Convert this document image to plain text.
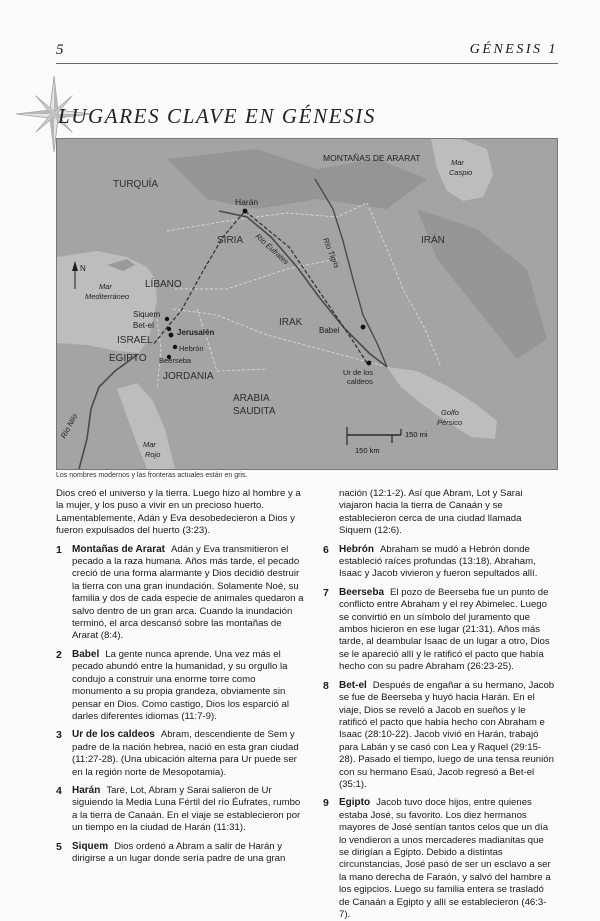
5	GÉNESIS 1
LUGARES CLAVE EN GÉNESIS
MONTAÑAS DE ARARAT	Mar
Caspio
TURQUÍA
Harán
Río Éufrates	Río Tigris	IRÁN
SIRIA
LÍBANO
Mar
Mediterráneo
Siquem
Bet-el
Jerusalén
ISRAEL
Hebrón
Beerseba
EGIPTO
JORDANIA
IRAK
Babel
Ur de los
caldeos
ARABIA
SAUDITA
Río Nilo
Mar
Rojo
Golfo
Pérsico
N
150 mi
150 km
Los nombres modernos y las fronteras actuales están en gris.

Dios creó el universo y la tierra. Luego hizo al hombre y a la mujer, y los puso a vivir en un precioso huerto. Lamentablemente, Adán y Eva desobedecieron a Dios y fueron expulsados del huerto (3:23).

1 Montañas de Ararat Adán y Eva transmitieron el pecado a la raza humana. Años más tarde, el pecado creció de una forma alarmante y Dios decidió destruir la tierra con una gran inundación. Solamente Noé, su familia y dos de cada especie de animales quedaron a salvo dentro de un gran arca. Cuando la inundación terminó, el arca descansó sobre las montañas de Ararat (8:4).
2 Babel La gente nunca aprende. Una vez más el pecado abundó entre la humanidad, y su orgullo la condujo a construir una enorme torre como monumento a su propia grandeza, obviamente sin pensar en Dios. Como castigo, Dios los esparció al darles diferentes idiomas (11:7-9).
3 Ur de los caldeos Abram, descendiente de Sem y padre de la nación hebrea, nació en esta gran ciudad (11:27-28). (Una ubicación alterna para Ur puede ser en la región norte de Mesopotamia).
4 Harán Taré, Lot, Abram y Sarai salieron de Ur siguiendo la Media Luna Fértil del río Éufrates, rumbo a la tierra de Canaán. En el viaje se establecieron por un tiempo en la ciudad de Harán (11:31).
5 Siquem Dios ordenó a Abram a salir de Harán y dirigirse a un lugar donde sería padre de una gran

nación (12:1-2). Así que Abram, Lot y Sarai viajaron hacia la tierra de Canaán y se establecieron cerca de una ciudad llamada Siquem (12:6).

6 Hebrón Abraham se mudó a Hebrón donde estableció raíces profundas (13:18). Abraham, Isaac y Jacob vivieron y fueron sepultados allí.
7 Beerseba El pozo de Beerseba fue un punto de conflicto entre Abraham y el rey Abimelec. Luego se convirtió en un símbolo del juramento que ambos hicieron en ese lugar (21:31). Años más tarde, al deambular Isaac de un lugar a otro, Dios se le apareció allí y le ratificó el pacto que había hecho con su padre Abraham (26:23-25).
8 Bet-el Después de engañar a su hermano, Jacob se fue de Beerseba y huyó hacia Harán. En el viaje, Dios se reveló a Jacob en sueños y le ratificó el pacto que había hecho con Abraham e Isaac (28:10-22). Jacob vivió en Harán, trabajó para Labán y se casó con Lea y Raquel (29:15-28). Pasado el tiempo, luego de una tensa reunión con su hermano Esaú, Jacob regresó a Bet-el (35:1).
9 Egipto Jacob tuvo doce hijos, entre quienes estaba José, su favorito. Los diez hermanos mayores de José sentían tantos celos que un día lo vendieron a unos mercaderes madianitas que se dirigían a Egipto. Debido a distintas circunstancias, José pasó de ser un esclavo a ser la mano derecha de Faraón, y salvó del hambre a los egipcios. Luego su familia entera se trasladó de Canaán a Egipto y allí se establecieron (46:3-7).
